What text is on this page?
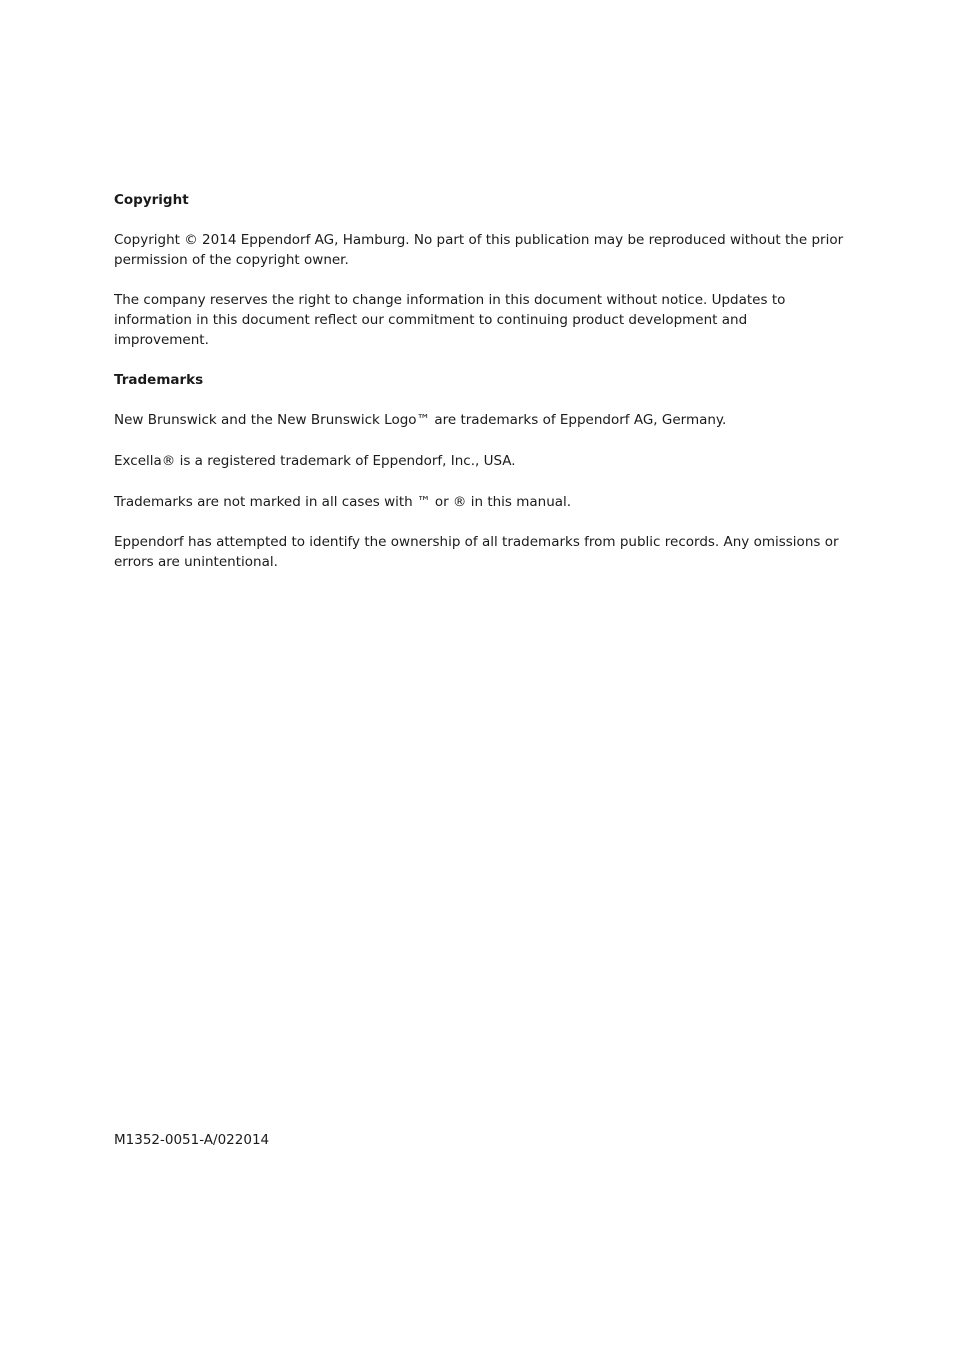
Copyright

Copyright © 2014 Eppendorf AG, Hamburg. No part of this publication may be reproduced without the prior permission of the copyright owner.

The company reserves the right to change information in this document without notice. Updates to information in this document reflect our commitment to continuing product development and improvement.

Trademarks

New Brunswick and the New Brunswick Logo™ are trademarks of Eppendorf AG, Germany.

Excella® is a registered trademark of Eppendorf, Inc., USA.

Trademarks are not marked in all cases with ™ or ® in this manual.

Eppendorf has attempted to identify the ownership of all trademarks from public records. Any omissions or errors are unintentional.

M1352-0051-A/022014
